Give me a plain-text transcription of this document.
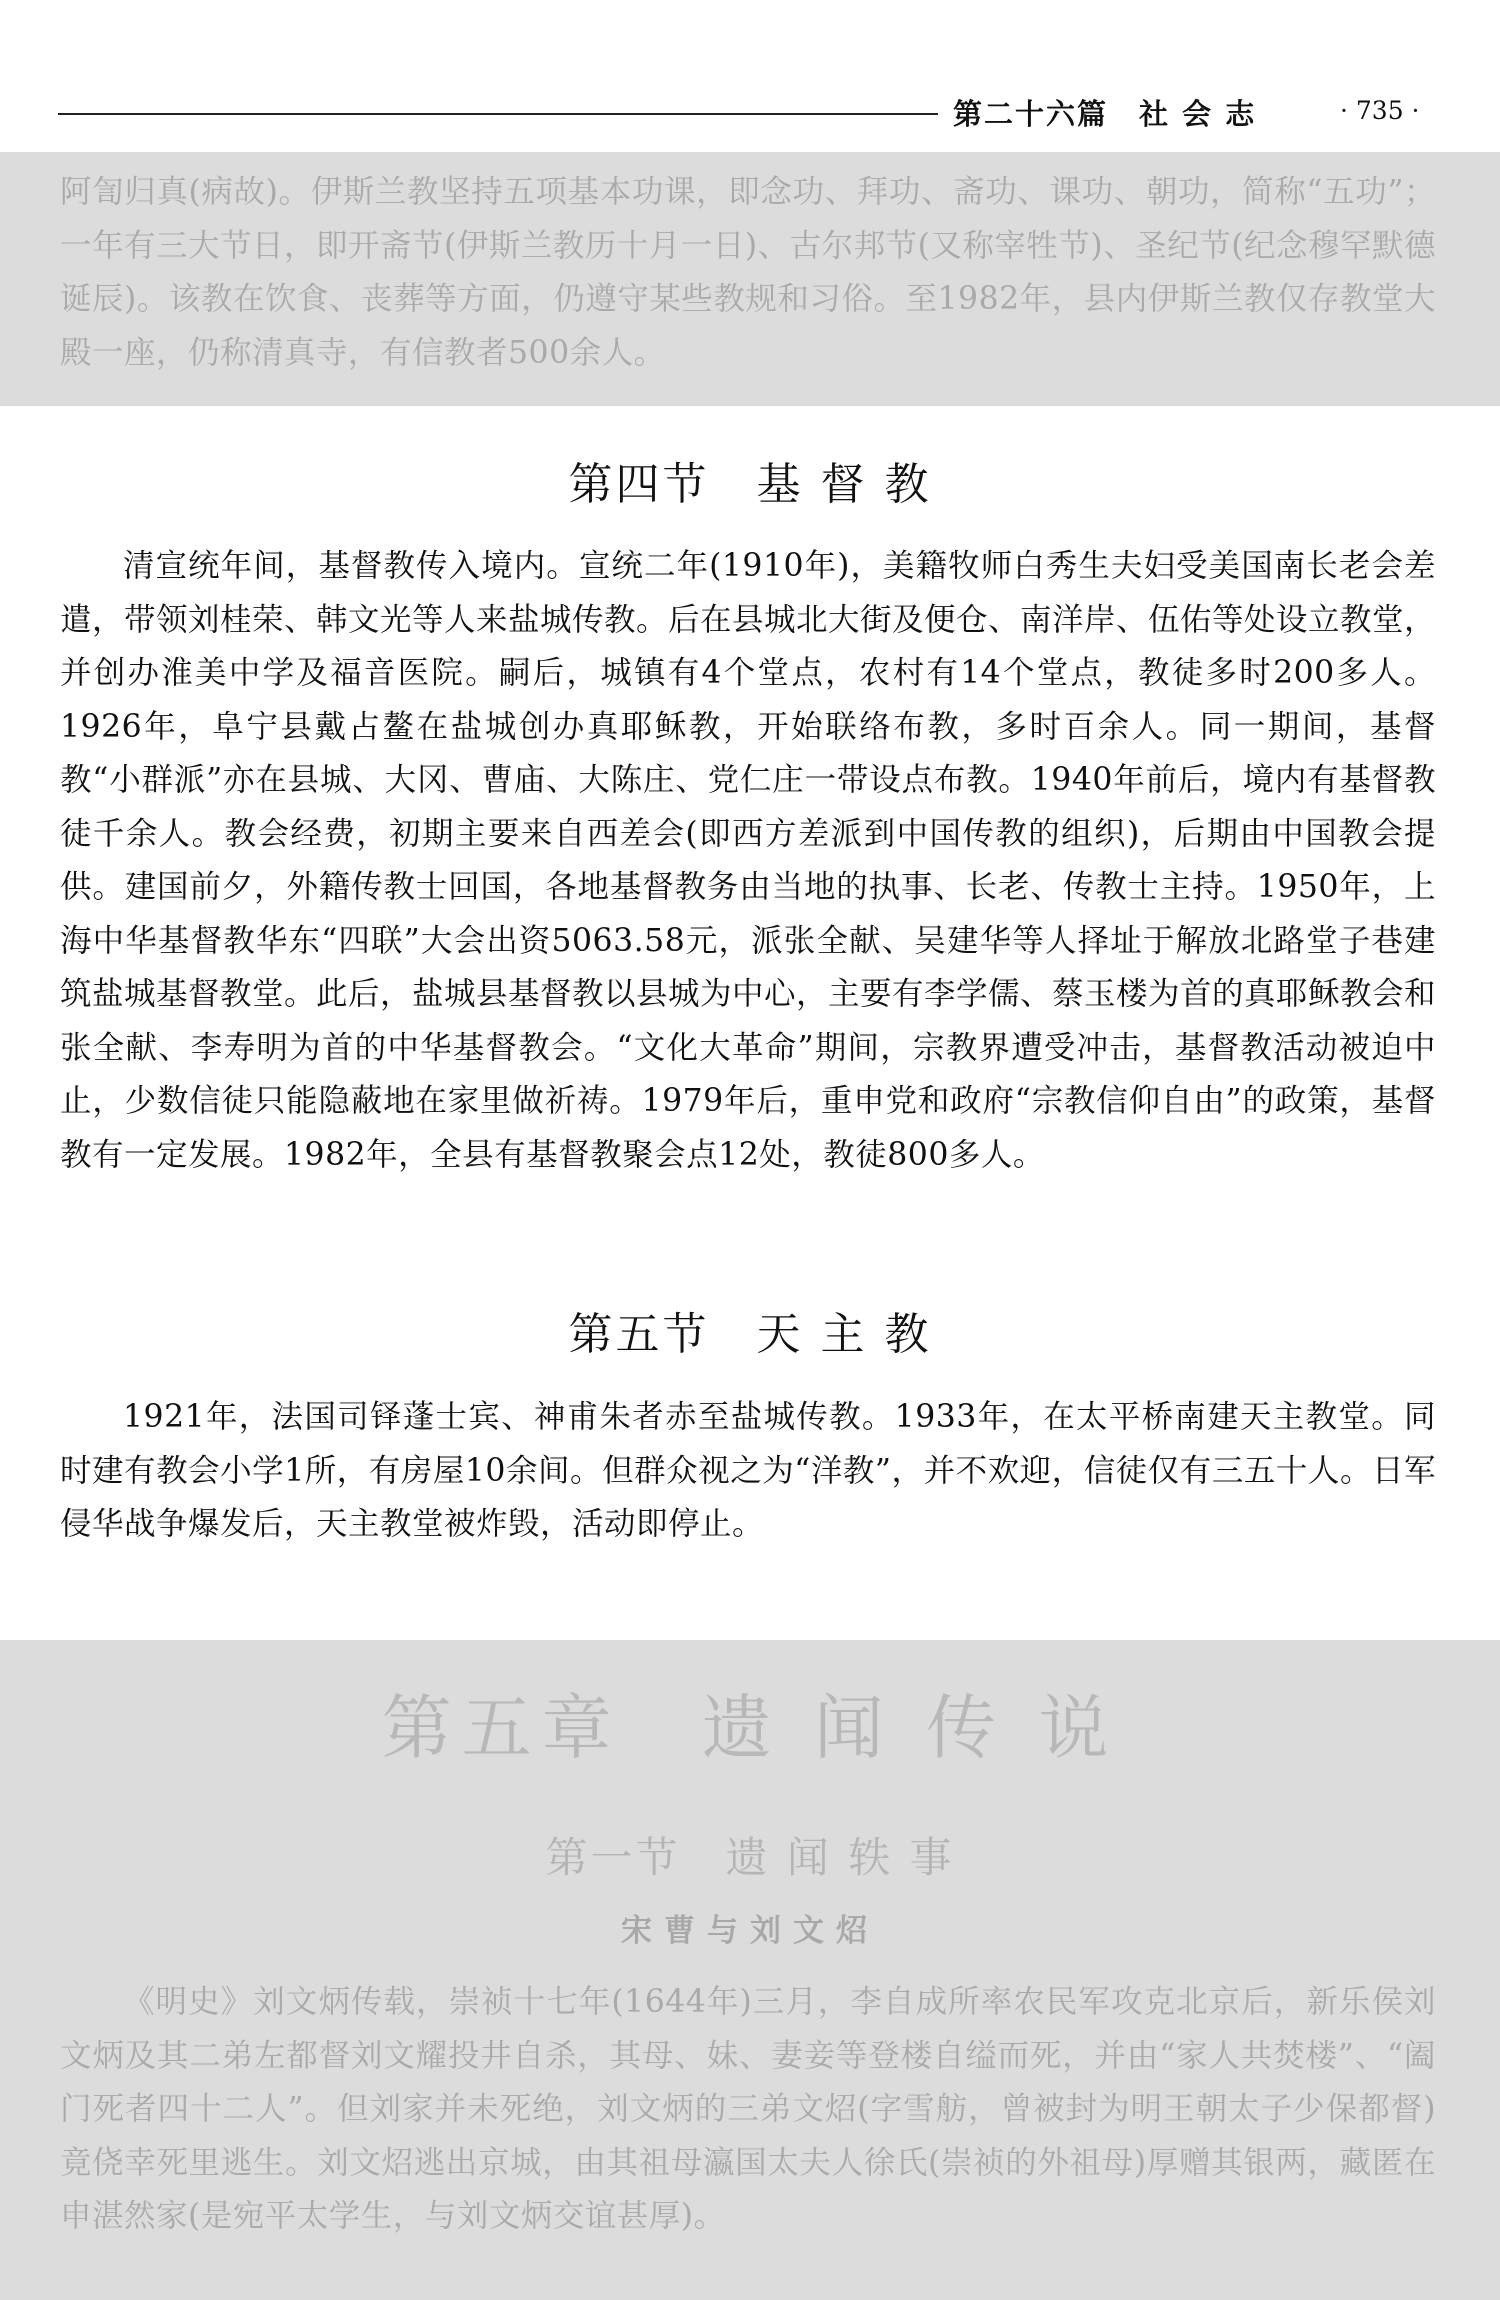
第二十六篇　社 会 志	· 735 ·
阿訇归真(病故)。伊斯兰教坚持五项基本功课，即念功、拜功、斋功、课功、朝功，简称“五功”；一年有三大节日，即开斋节(伊斯兰教历十月一日)、古尔邦节(又称宰牲节)、圣纪节(纪念穆罕默德诞辰)。该教在饮食、丧葬等方面，仍遵守某些教规和习俗。至1982年，县内伊斯兰教仅存教堂大殿一座，仍称清真寺，有信教者500余人。
第四节　基 督 教
清宣统年间，基督教传入境内。宣统二年(1910年)，美籍牧师白秀生夫妇受美国南长老会差遣，带领刘桂荣、韩文光等人来盐城传教。后在县城北大街及便仓、南洋岸、伍佑等处设立教堂，并创办淮美中学及福音医院。嗣后，城镇有4个堂点，农村有14个堂点，教徒多时200多人。1926年，阜宁县戴占鳌在盐城创办真耶稣教，开始联络布教，多时百余人。同一期间，基督教“小群派”亦在县城、大冈、曹庙、大陈庄、党仁庄一带设点布教。1940年前后，境内有基督教徒千余人。教会经费，初期主要来自西差会(即西方差派到中国传教的组织)，后期由中国教会提供。建国前夕，外籍传教士回国，各地基督教务由当地的执事、长老、传教士主持。1950年，上海中华基督教华东“四联”大会出资5063.58元，派张全献、吴建华等人择址于解放北路堂子巷建筑盐城基督教堂。此后，盐城县基督教以县城为中心，主要有李学儒、蔡玉楼为首的真耶稣教会和张全献、李寿明为首的中华基督教会。“文化大革命”期间，宗教界遭受冲击，基督教活动被迫中止，少数信徒只能隐蔽地在家里做祈祷。1979年后，重申党和政府“宗教信仰自由”的政策，基督教有一定发展。1982年，全县有基督教聚会点12处，教徒800多人。
第五节　天 主 教
1921年，法国司铎蓬士宾、神甫朱者赤至盐城传教。1933年，在太平桥南建天主教堂。同时建有教会小学1所，有房屋10余间。但群众视之为“洋教”，并不欢迎，信徒仅有三五十人。日军侵华战争爆发后，天主教堂被炸毁，活动即停止。
第五章　遗 闻 传 说
第一节　遗 闻 轶 事
宋曹与刘文炤
《明史》刘文炳传载，崇祯十七年(1644年)三月，李自成所率农民军攻克北京后，新乐侯刘文炳及其二弟左都督刘文耀投井自杀，其母、妹、妻妾等登楼自缢而死，并由“家人共焚楼”、“阖门死者四十二人”。但刘家并未死绝，刘文炳的三弟文炤(字雪舫，曾被封为明王朝太子少保都督)竟侥幸死里逃生。刘文炤逃出京城，由其祖母瀛国太夫人徐氏(崇祯的外祖母)厚赠其银两，藏匿在申湛然家(是宛平太学生，与刘文炳交谊甚厚)。
